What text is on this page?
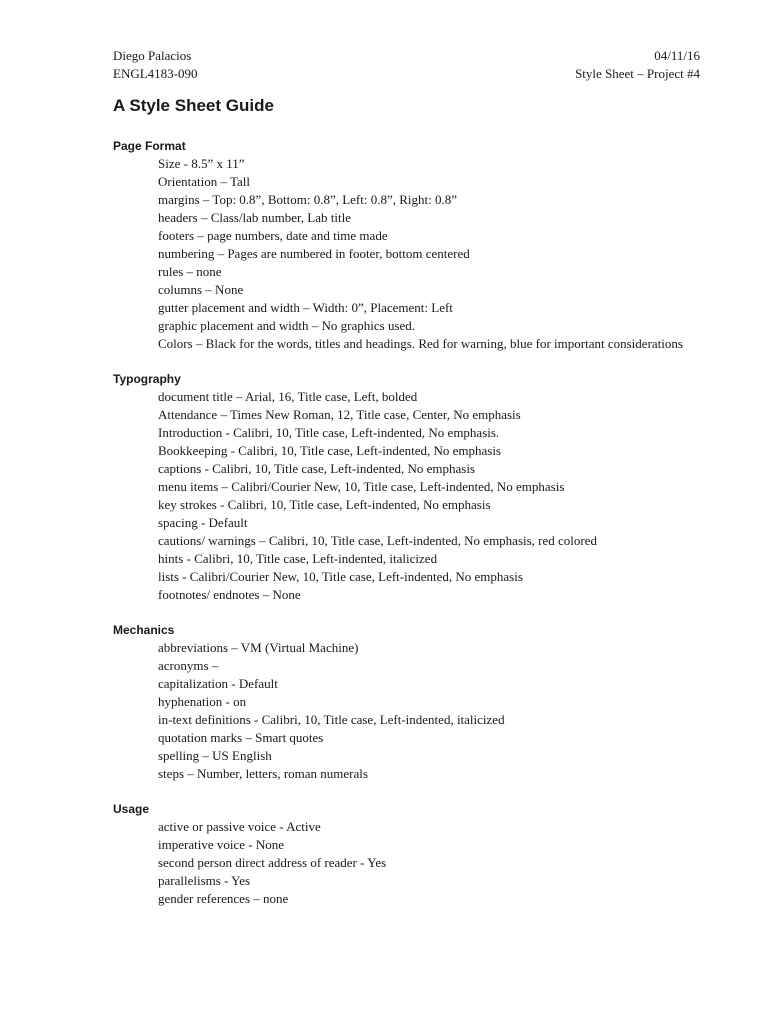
Diego Palacios	04/11/16
ENGL4183-090	Style Sheet – Project #4
A Style Sheet Guide
Page Format
Size - 8.5” x 11”
Orientation – Tall
margins – Top: 0.8”, Bottom: 0.8”, Left: 0.8”, Right: 0.8”
headers – Class/lab number, Lab title
footers – page numbers, date and time made
numbering – Pages are numbered in footer, bottom centered
rules – none
columns – None
gutter placement and width – Width: 0”, Placement: Left
graphic placement and width – No graphics used.
Colors – Black for the words, titles and headings. Red for warning, blue for important considerations
Typography
document title – Arial, 16, Title case, Left, bolded
Attendance – Times New Roman, 12, Title case, Center, No emphasis
Introduction - Calibri, 10, Title case, Left-indented, No emphasis.
Bookkeeping - Calibri, 10, Title case, Left-indented, No emphasis
captions - Calibri, 10, Title case, Left-indented, No emphasis
menu items – Calibri/Courier New, 10, Title case, Left-indented, No emphasis
key strokes - Calibri, 10, Title case, Left-indented, No emphasis
spacing - Default
cautions/ warnings – Calibri, 10, Title case, Left-indented, No emphasis, red colored
hints - Calibri, 10, Title case, Left-indented, italicized
lists - Calibri/Courier New, 10, Title case, Left-indented, No emphasis
footnotes/ endnotes – None
Mechanics
abbreviations – VM (Virtual Machine)
acronyms –
capitalization - Default
hyphenation - on
in-text definitions - Calibri, 10, Title case, Left-indented, italicized
quotation marks – Smart quotes
spelling – US English
steps – Number, letters, roman numerals
Usage
active or passive voice - Active
imperative voice - None
second person direct address of reader - Yes
parallelisms - Yes
gender references – none
